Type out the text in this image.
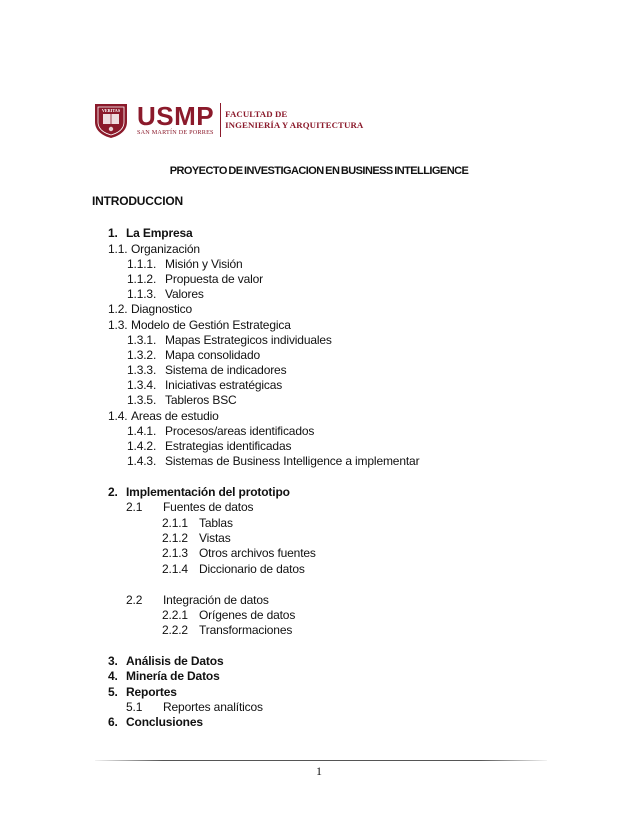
VERITAS USMP
SAN MARTÍN DE PORRES
FACULTAD DE
INGENIERÍA Y ARQUITECTURA
PROYECTO DE INVESTIGACION EN BUSINESS INTELLIGENCE
INTRODUCCION
1. La Empresa
1.1. Organización
1.1.1. Misión y Visión
1.1.2. Propuesta de valor
1.1.3. Valores
1.2. Diagnostico
1.3. Modelo de Gestión Estrategica
1.3.1. Mapas Estrategicos individuales
1.3.2. Mapa consolidado
1.3.3. Sistema de indicadores
1.3.4. Iniciativas estratégicas
1.3.5. Tableros BSC
1.4. Areas de estudio
1.4.1. Procesos/areas identificados
1.4.2. Estrategias identificadas
1.4.3. Sistemas de Business Intelligence a implementar
2. Implementación del prototipo
2.1 Fuentes de datos
2.1.1 Tablas
2.1.2 Vistas
2.1.3 Otros archivos fuentes
2.1.4 Diccionario de datos
2.2 Integración de datos
2.2.1 Orígenes de datos
2.2.2 Transformaciones
3. Análisis de Datos
4. Minería de Datos
5. Reportes
5.1 Reportes analíticos
6. Conclusiones
1
